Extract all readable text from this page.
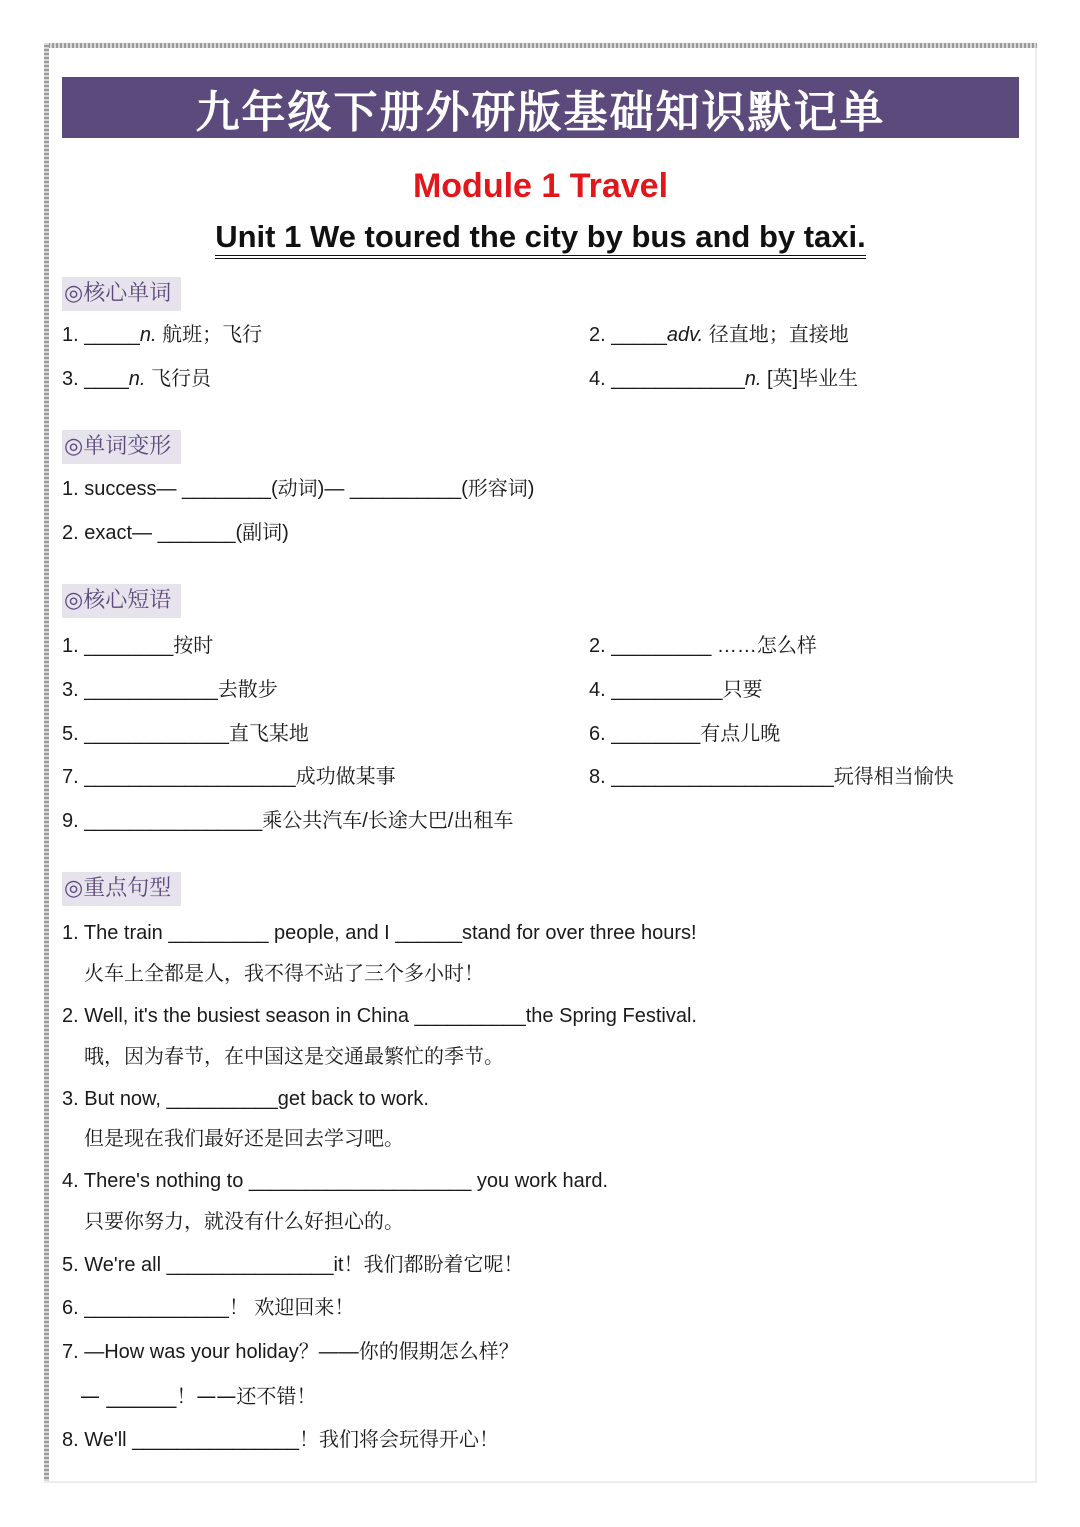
九年级下册外研版基础知识默记单
Module 1 Travel
Unit 1 We toured the city by bus and by taxi.
◎核心单词
1. _____n. 航班；飞行	2. _____adv. 径直地；直接地
3. ____n. 飞行员	4. ____________n. [英]毕业生
◎单词变形
1. success— ________(动词)— __________(形容词)
2. exact— _______(副词)
◎核心短语
1. ________按时	2. _________ ……怎么样
3. ____________去散步	4. __________只要
5. _____________直飞某地	6. ________有点儿晚
7. ___________________成功做某事	8. ____________________玩得相当愉快
9. ________________乘公共汽车/长途大巴/出租车
◎重点句型
1. The train _________ people, and I ______stand for over three hours!
火车上全都是人，我不得不站了三个多小时！
2. Well, it's the busiest season in China __________the Spring Festival.
哦，因为春节，在中国这是交通最繁忙的季节。
3. But now, __________get back to work.
但是现在我们最好还是回去学习吧。
4. There's nothing to ____________________ you work hard.
只要你努力，就没有什么好担心的。
5. We're all _______________it！我们都盼着它呢！
6. _____________！ 欢迎回来！
7. —How was your holiday？——你的假期怎么样？
— _______！——还不错！
8. We'll _______________！我们将会玩得开心！
